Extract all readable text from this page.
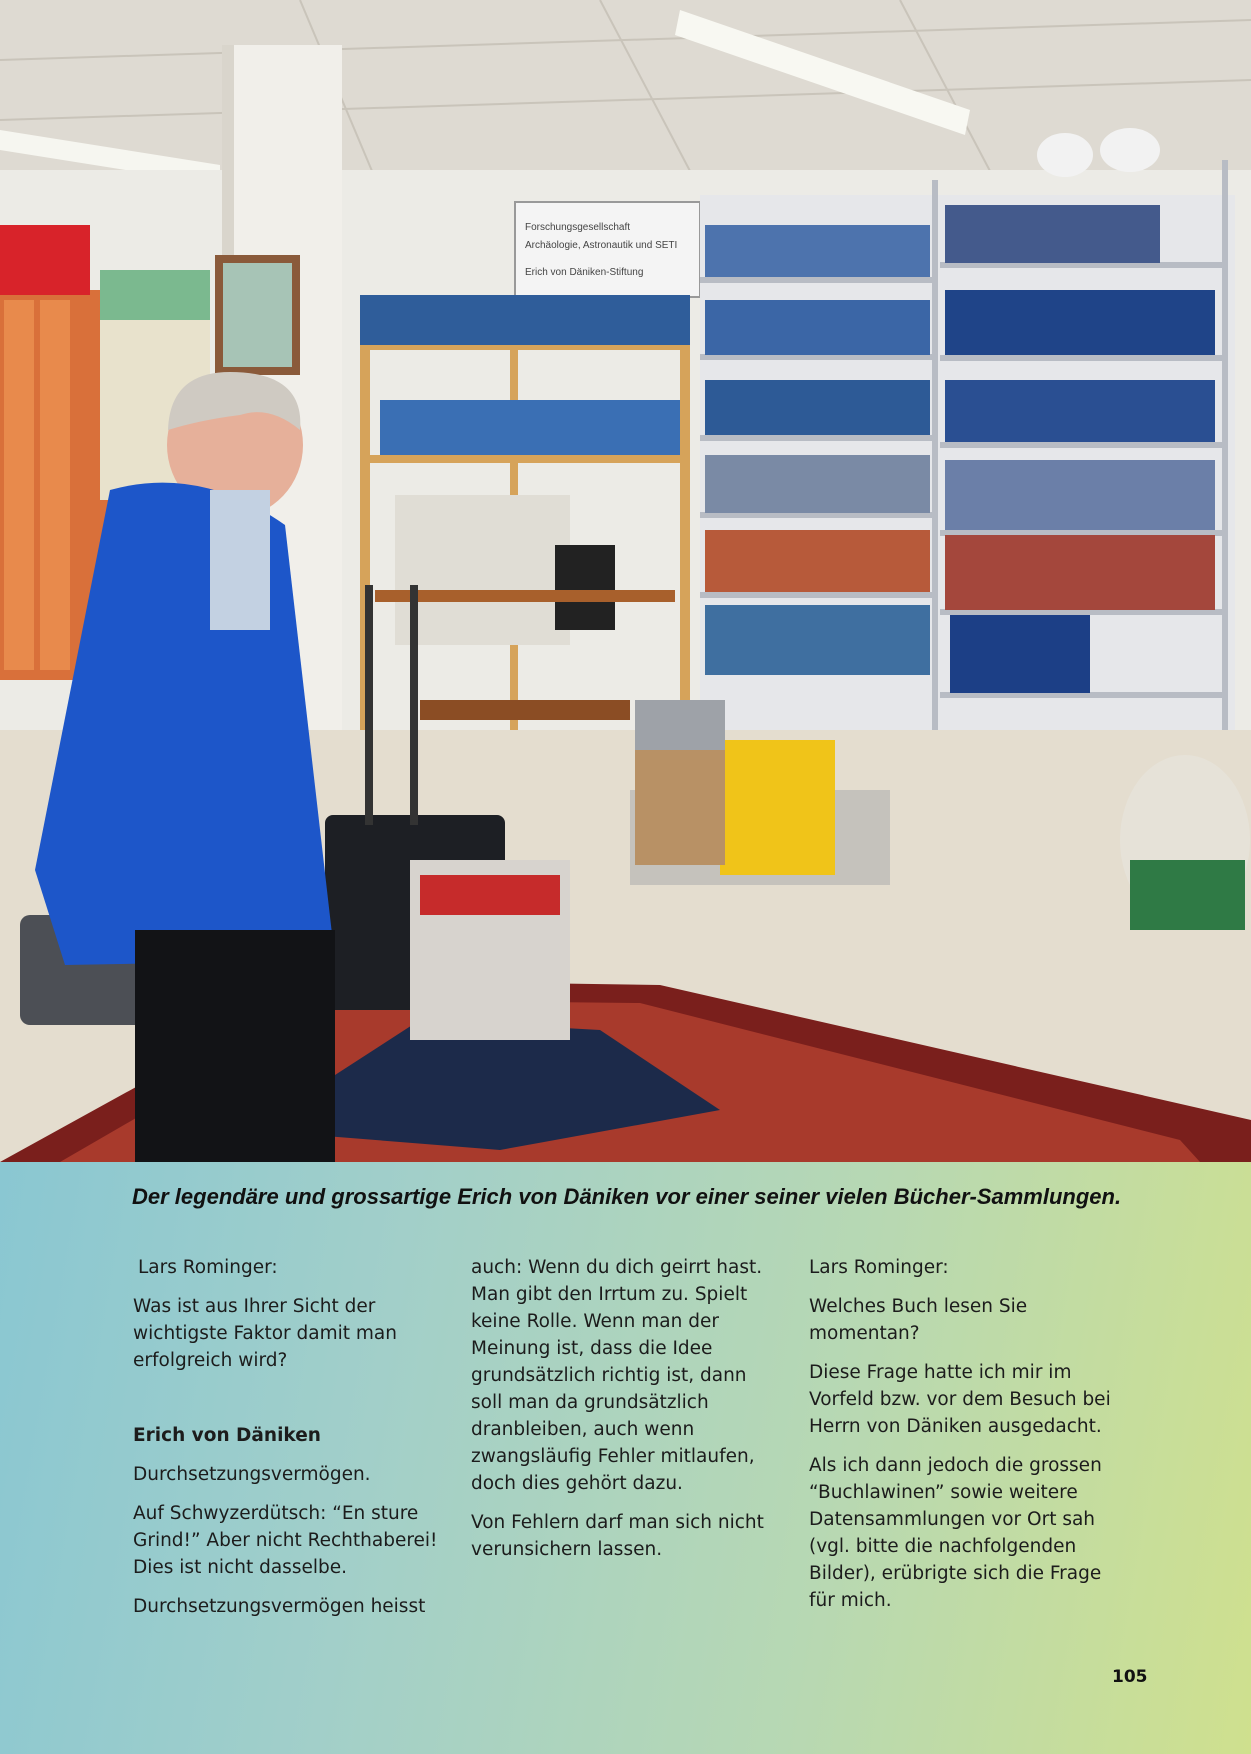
Forschungsgesellschaft
Archäologie, Astronautik und SETI
Erich von Däniken-Stiftung
Der legendäre und grossartige Erich von Däniken vor einer seiner vielen Bücher-Sammlungen.

Lars Rominger:

Was ist aus Ihrer Sicht der wichtigste Faktor damit man erfolgreich wird?

Erich von Däniken

Durchsetzungsvermögen.

Auf Schwyzerdütsch: “En sture Grind!” Aber nicht Rechthaberei! Dies ist nicht dasselbe.

Durchsetzungsvermögen heisst

auch: Wenn du dich geirrt hast. Man gibt den Irrtum zu. Spielt keine Rolle. Wenn man der Meinung ist, dass die Idee grundsätzlich richtig ist, dann soll man da grundsätzlich dranbleiben, auch wenn zwangsläufig Fehler mitlaufen, doch dies gehört dazu.

Von Fehlern darf man sich nicht verunsichern lassen.

Lars Rominger:

Welches Buch lesen Sie momentan?

Diese Frage hatte ich mir im Vorfeld bzw. vor dem Besuch bei Herrn von Däniken ausgedacht.

Als ich dann jedoch die grossen “Buchlawinen” sowie weitere Datensammlungen vor Ort sah (vgl. bitte die nachfolgenden Bilder), erübrigte sich die Frage für mich.

105
